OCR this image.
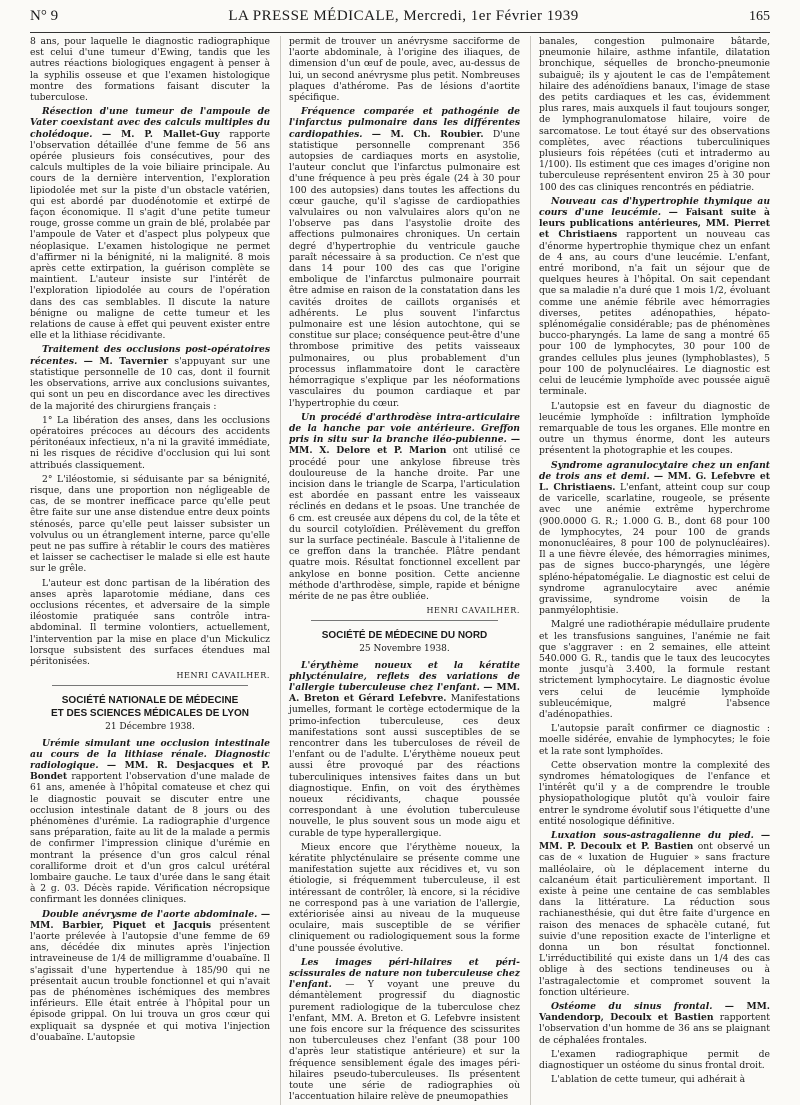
N° 9	LA PRESSE MÉDICALE, Mercredi, 1er Février 1939	165

8 ans, pour laquelle le diagnostic radiographique est celui d'une tumeur d'Ewing, tandis que les autres réactions biologiques engagent à penser à la syphilis osseuse et que l'examen histologique montre des formations faisant discuter la tuberculose.

Résection d'une tumeur de l'ampoule de Vater coexistant avec des calculs multiples du cholédoque. — M. P. Mallet-Guy rapporte l'observation détaillée d'une femme de 56 ans opérée plusieurs fois consécutives, pour des calculs multiples de la voie biliaire principale. Au cours de la dernière intervention, l'exploration lipiodolée met sur la piste d'un obstacle vatérien, qui est abordé par duodénotomie et extirpé de façon économique. Il s'agit d'une petite tumeur rouge, grosse comme un grain de blé, prolabée par l'ampoule de Vater et d'aspect plus polypeux que néoplasique. L'examen histologique ne permet d'affirmer ni la bénignité, ni la malignité. 8 mois après cette extirpation, la guérison complète se maintient. L'auteur insiste sur l'intérêt de l'exploration lipiodolée au cours de l'opération dans des cas semblables. Il discute la nature bénigne ou maligne de cette tumeur et les relations de cause à effet qui peuvent exister entre elle et la lithiase récidivante.

Traitement des occlusions post-opératoires récentes. — M. Tavernier s'appuyant sur une statistique personnelle de 10 cas, dont il fournit les observations, arrive aux conclusions suivantes, qui sont un peu en discordance avec les directives de la majorité des chirurgiens français :

1° La libération des anses, dans les occlusions opératoires précoces au décours des accidents péritonéaux infectieux, n'a ni la gravité immédiate, ni les risques de récidive d'occlusion qui lui sont attribués classiquement.

2° L'iléostomie, si séduisante par sa bénignité, risque, dans une proportion non négligeable de cas, de se montrer inefficace parce qu'elle peut être faite sur une anse distendue entre deux points sténosés, parce qu'elle peut laisser subsister un volvulus ou un étranglement interne, parce qu'elle peut ne pas suffire à rétablir le cours des matières et laisser se cachectiser le malade si elle est haute sur le grêle.

L'auteur est donc partisan de la libération des anses après laparotomie médiane, dans ces occlusions récentes, et adversaire de la simple iléostomie pratiquée sans contrôle intra-abdominal. Il termine volontiers, actuellement, l'intervention par la mise en place d'un Mickulicz lorsque subsistent des surfaces étendues mal péritonisées.

HENRI CAVAILHER.

SOCIÉTÉ NATIONALE DE MÉDECINE
ET DES SCIENCES MÉDICALES DE LYON
21 Décembre 1938.

Urémie simulant une occlusion intestinale au cours de la lithiase rénale. Diagnostic radiologique. — MM. R. Desjacques et P. Bondet rapportent l'observation d'une malade de 61 ans, amenée à l'hôpital comateuse et chez qui le diagnostic pouvait se discuter entre une occlusion intestinale datant de 8 jours ou des phénomènes d'urémie. La radiographie d'urgence sans préparation, faite au lit de la malade a permis de confirmer l'impression clinique d'urémie en montrant la présence d'un gros calcul rénal coralliforme droit et d'un gros calcul urétéral lombaire gauche. Le taux d'urée dans le sang était à 2 g. 03. Décès rapide. Vérification nécropsique confirmant les données cliniques.

Double anévrysme de l'aorte abdominale. — MM. Barbier, Piquet et Jacquis présentent l'aorte prélevée à l'autopsie d'une femme de 69 ans, décédée dix minutes après l'injection intraveineuse de 1/4 de milligramme d'ouabaïne. Il s'agissait d'une hypertendue à 185/90 qui ne présentait aucun trouble fonctionnel et qui n'avait pas de phénomènes ischémiques des membres inférieurs. Elle était entrée à l'hôpital pour un épisode grippal. On lui trouva un gros cœur qui expliquait sa dyspnée et qui motiva l'injection d'ouabaïne. L'autopsie

permit de trouver un anévrysme sacciforme de l'aorte abdominale, à l'origine des iliaques, de dimension d'un œuf de poule, avec, au-dessus de lui, un second anévrysme plus petit. Nombreuses plaques d'athérome. Pas de lésions d'aortite spécifique.

Fréquence comparée et pathogénie de l'infarctus pulmonaire dans les différentes cardiopathies. — M. Ch. Roubier. D'une statistique personnelle comprenant 356 autopsies de cardiaques morts en asystolie, l'auteur conclut que l'infarctus pulmonaire est d'une fréquence à peu près égale (24 à 30 pour 100 des autopsies) dans toutes les affections du cœur gauche, qu'il s'agisse de cardiopathies valvulaires ou non valvulaires alors qu'on ne l'observe pas dans l'asystolie droite des affections pulmonaires chroniques. Un certain degré d'hypertrophie du ventricule gauche paraît nécessaire à sa production. Ce n'est que dans 14 pour 100 des cas que l'origine embolique de l'infarctus pulmonaire pourrait être admise en raison de la constatation dans les cavités droites de caillots organisés et adhérents. Le plus souvent l'infarctus pulmonaire est une lésion autochtone, qui se constitue sur place; conséquence peut-être d'une thrombose primitive des petits vaisseaux pulmonaires, ou plus probablement d'un processus inflammatoire dont le caractère hémorragique s'explique par les néoformations vasculaires du poumon cardiaque et par l'hypertrophie du cœur.

Un procédé d'arthrodèse intra-articulaire de la hanche par voie antérieure. Greffon pris in situ sur la branche iléo-pubienne. — MM. X. Delore et P. Marion ont utilisé ce procédé pour une ankylose fibreuse très douloureuse de la hanche droite. Par une incision dans le triangle de Scarpa, l'articulation est abordée en passant entre les vaisseaux réclinés en dedans et le psoas. Une tranchée de 6 cm. est creusée aux dépens du col, de la tête et du sourcil cotyloïdien. Prélèvement du greffon sur la surface pectinéale. Bascule à l'italienne de ce greffon dans la tranchée. Plâtre pendant quatre mois. Résultat fonctionnel excellent par ankylose en bonne position. Cette ancienne méthode d'arthrodèse, simple, rapide et bénigne mérite de ne pas être oubliée.

HENRI CAVAILHER.

SOCIÉTÉ DE MÉDECINE DU NORD
25 Novembre 1938.

L'érythème noueux et la kératite phlycténulaire, reflets des variations de l'allergie tuberculeuse chez l'enfant. — MM. A. Breton et Gérard Lefebvre. Manifestations jumelles, formant le cortège ectodermique de la primo-infection tuberculeuse, ces deux manifestations sont aussi susceptibles de se rencontrer dans les tuberculoses de réveil de l'enfant ou de l'adulte. L'érythème noueux peut aussi être provoqué par des réactions tuberculiniques intensives faites dans un but diagnostique. Enfin, on voit des érythèmes noueux récidivants, chaque poussée correspondant à une évolution tuberculeuse nouvelle, le plus souvent sous un mode aigu et curable de type hyperallergique.

Mieux encore que l'érythème noueux, la kératite phlycténulaire se présente comme une manifestation sujette aux récidives et, vu son étiologie, si fréquemment tuberculeuse, il est intéressant de contrôler, là encore, si la récidive ne correspond pas à une variation de l'allergie, extériorisée ainsi au niveau de la muqueuse oculaire, mais susceptible de se vérifier cliniquement ou radiologiquement sous la forme d'une poussée évolutive.

Les images péri-hilaires et péri-scissurales de nature non tuberculeuse chez l'enfant. — Y voyant une preuve du démantèlement progressif du diagnostic purement radiologique de la tuberculose chez l'enfant, MM. A. Breton et G. Lefebvre insistent une fois encore sur la fréquence des scissurites non tuberculeuses chez l'enfant (38 pour 100 d'après leur statistique antérieure) et sur la fréquence sensiblement égale des images péri-hilaires pseudo-tuberculeuses. Ils présentent toute une série de radiographies où l'accentuation hilaire relève de pneumopathies

banales, congestion pulmonaire bâtarde, pneumonie hilaire, asthme infantile, dilatation bronchique, séquelles de broncho-pneumonie subaiguë; ils y ajoutent le cas de l'empâtement hilaire des adénoïdiens banaux, l'image de stase des petits cardiaques et les cas, évidemment plus rares, mais auxquels il faut toujours songer, de lymphogranulomatose hilaire, voire de sarcomatose. Le tout étayé sur des observations complètes, avec réactions tuberculiniques plusieurs fois répétées (cuti et intradermo au 1/100). Ils estiment que ces images d'origine non tuberculeuse représentent environ 25 à 30 pour 100 des cas cliniques rencontrés en pédiatrie.

Nouveau cas d'hypertrophie thymique au cours d'une leucémie. — Faisant suite à leurs publications antérieures, MM. Pierret et Christiaens rapportent un nouveau cas d'énorme hypertrophie thymique chez un enfant de 4 ans, au cours d'une leucémie. L'enfant, entré moribond, n'a fait un séjour que de quelques heures à l'hôpital. On sait cependant que sa maladie n'a duré que 1 mois 1/2, évoluant comme une anémie fébrile avec hémorragies diverses, petites adénopathies, hépato-splénomégalie considérable; pas de phénomènes bucco-pharyngés. La lame de sang a montré 65 pour 100 de lymphocytes, 30 pour 100 de grandes cellules plus jeunes (lymphoblastes), 5 pour 100 de polynucléaires. Le diagnostic est celui de leucémie lymphoïde avec poussée aiguë terminale.

L'autopsie est en faveur du diagnostic de leucémie lymphoïde : infiltration lymphoïde remarquable de tous les organes. Elle montre en outre un thymus énorme, dont les auteurs présentent la photographie et les coupes.

Syndrome agranulocytaire chez un enfant de trois ans et demi. — MM. G. Lefebvre et L. Christiaens. L'enfant, atteint coup sur coup de varicelle, scarlatine, rougeole, se présente avec une anémie extrême hyperchrome (900.0000 G. R.; 1.000 G. B., dont 68 pour 100 de lymphocytes, 24 pour 100 de grands mononucléaires, 8 pour 100 de polynucléaires). Il a une fièvre élevée, des hémorragies minimes, pas de signes bucco-pharyngés, une légère spléno-hépatomégalie. Le diagnostic est celui de syndrome agranulocytaire avec anémie gravissime, syndrome voisin de la panmyélophtisie.

Malgré une radiothérapie médullaire prudente et les transfusions sanguines, l'anémie ne fait que s'aggraver : en 2 semaines, elle atteint 540.000 G. R., tandis que le taux des leucocytes monte jusqu'à 3.400, la formule restant strictement lymphocytaire. Le diagnostic évolue vers celui de leucémie lymphoïde subleucémique, malgré l'absence d'adénopathies.

L'autopsie paraît confirmer ce diagnostic : moelle sidérée, envahie de lymphocytes; le foie et la rate sont lymphoïdes.

Cette observation montre la complexité des syndromes hématologiques de l'enfance et l'intérêt qu'il y a de comprendre le trouble physiopathologique plutôt qu'à vouloir faire entrer le syndrome évolutif sous l'étiquette d'une entité nosologique définitive.

Luxation sous-astragalienne du pied. — MM. P. Decoulx et P. Bastien ont observé un cas de « luxation de Huguier » sans fracture malléolaire, où le déplacement interne du calcanéum était particulièrement important. Il existe à peine une centaine de cas semblables dans la littérature. La réduction sous rachianesthésie, qui dut être faite d'urgence en raison des menaces de sphacèle cutané, fut suivie d'une reposition exacte de l'interligne et donna un bon résultat fonctionnel. L'irréductibilité qui existe dans un 1/4 des cas oblige à des sections tendineuses ou à l'astragalectomie et compromet souvent la fonction ultérieure.

Ostéome du sinus frontal. — MM. Vandendorp, Decoulx et Bastien rapportent l'observation d'un homme de 36 ans se plaignant de céphalées frontales.

L'examen radiographique permit de diagnostiquer un ostéome du sinus frontal droit.

L'ablation de cette tumeur, qui adhérait à
